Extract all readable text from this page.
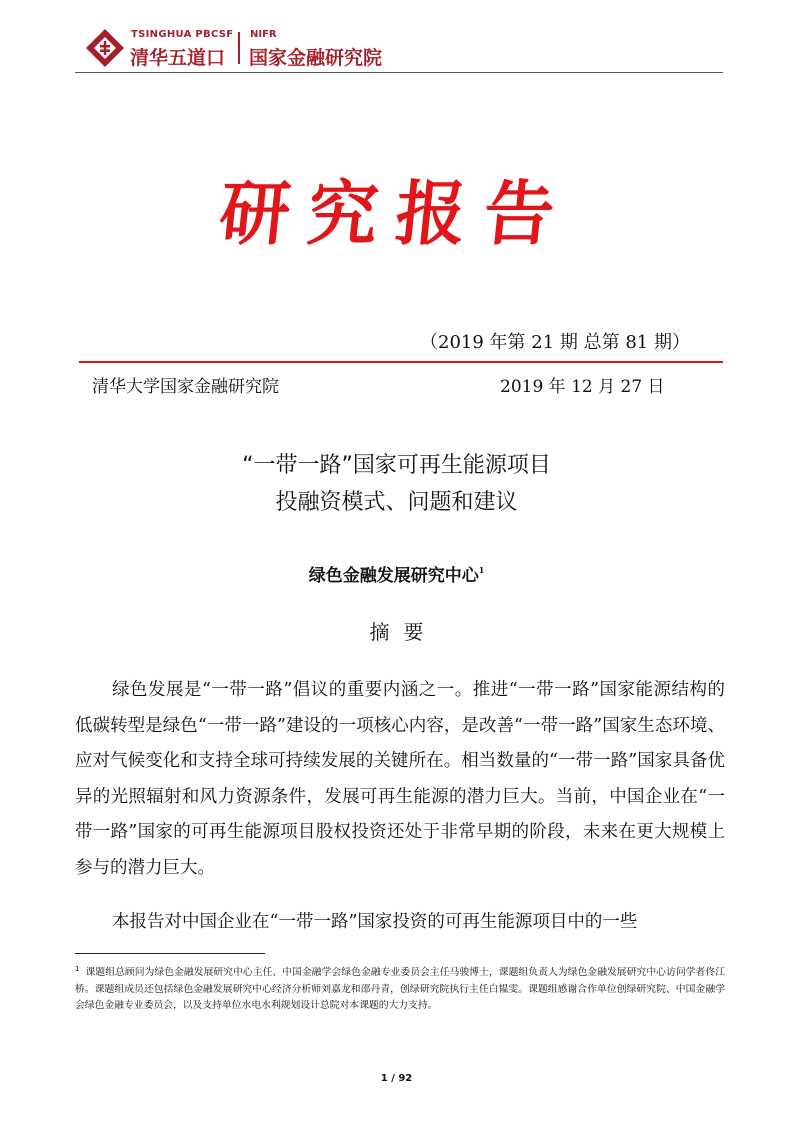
TSINGHUA PBCSF
清华五道口
NIFR
国家金融研究院
研究报告
（2019 年第 21 期 总第 81 期）
清华大学国家金融研究院	2019 年 12 月 27 日
“一带一路”国家可再生能源项目
投融资模式、问题和建议
绿色金融发展研究中心$^1$
摘要
绿色发展是“一带一路”倡议的重要内涵之一。推进“一带一路”国家能源结构的低碳转型是绿色“一带一路”建设的一项核心内容，是改善“一带一路”国家生态环境、应对气候变化和支持全球可持续发展的关键所在。相当数量的“一带一路”国家具备优异的光照辐射和风力资源条件，发展可再生能源的潜力巨大。当前，中国企业在“一带一路”国家的可再生能源项目股权投资还处于非常早期的阶段，未来在更大规模上参与的潜力巨大。
本报告对中国企业在“一带一路”国家投资的可再生能源项目中的一些
$^1$ 课题组总顾问为绿色金融发展研究中心主任、中国金融学会绿色金融专业委员会主任马骏博士，课题组负责人为绿色金融发展研究中心访问学者佟江桥。课题组成员还包括绿色金融发展研究中心经济分析师刘嘉龙和邵丹青，创绿研究院执行主任白韫雯。课题组感谢合作单位创绿研究院、中国金融学会绿色金融专业委员会，以及支持单位水电水利规划设计总院对本课题的大力支持。
1 / 92
